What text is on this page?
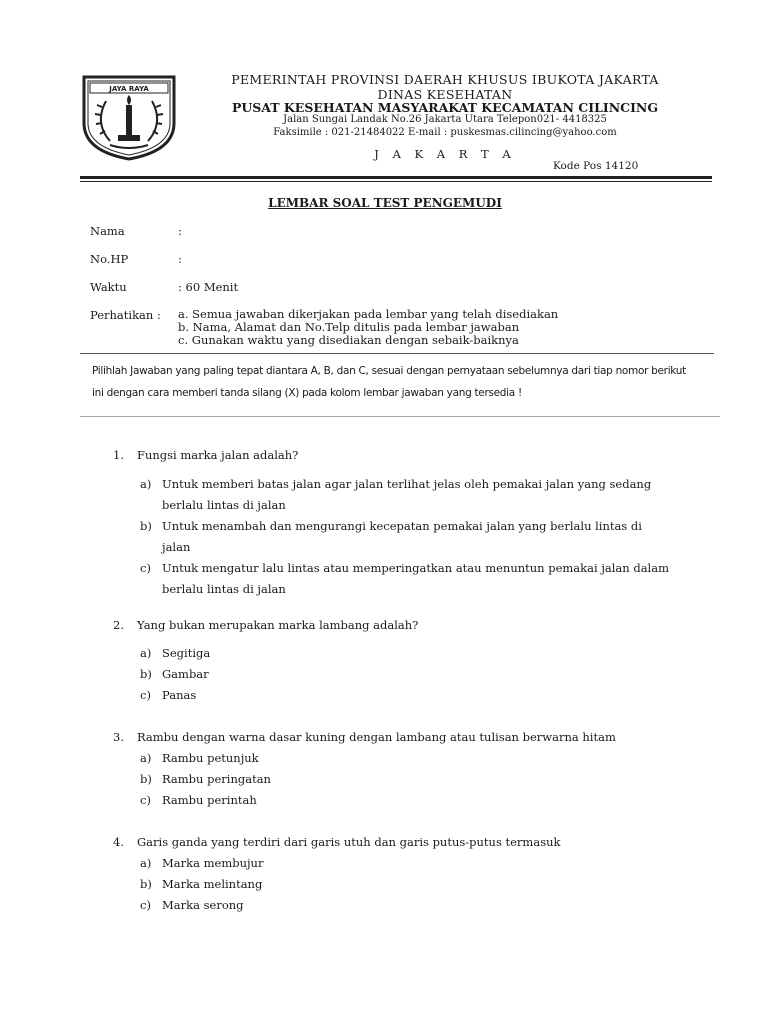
JAYA RAYA
PEMERINTAH PROVINSI DAERAH KHUSUS IBUKOTA JAKARTA
DINAS KESEHATAN
PUSAT KESEHATAN MASYARAKAT KECAMATAN CILINCING
Jalan Sungai Landak No.26 Jakarta Utara Telepon021- 4418325
Faksimile : 021-21484022 E-mail : puskesmas.cilincing@yahoo.com
J A K A R T A
Kode Pos 14120
LEMBAR SOAL TEST PENGEMUDI
Nama	:
No.HP	:
Waktu	: 60 Menit
Perhatikan : a. Semua jawaban dikerjakan pada lembar yang telah disediakan
b. Nama, Alamat dan No.Telp ditulis pada lembar jawaban
c. Gunakan waktu yang disediakan dengan sebaik-baiknya
Pilihlah Jawaban yang paling tepat diantara A, B, dan C, sesuai dengan pernyataan sebelumnya dari tiap nomor berikut ini dengan cara memberi tanda silang (X) pada kolom lembar jawaban yang tersedia !
1. Fungsi marka jalan adalah?
a) Untuk memberi batas jalan agar jalan terlihat jelas oleh pemakai jalan yang sedang
berlalu lintas di jalan
b) Untuk menambah dan mengurangi kecepatan pemakai jalan yang berlalu lintas di
jalan
c) Untuk mengatur lalu lintas atau memperingatkan atau menuntun pemakai jalan dalam
berlalu lintas di jalan
2. Yang bukan merupakan marka lambang adalah?
a) Segitiga
b) Gambar
c) Panas
3. Rambu dengan warna dasar kuning dengan lambang atau tulisan berwarna hitam
a) Rambu petunjuk
b) Rambu peringatan
c) Rambu perintah
4. Garis ganda yang terdiri dari garis utuh dan garis putus-putus termasuk
a) Marka membujur
b) Marka melintang
c) Marka serong
